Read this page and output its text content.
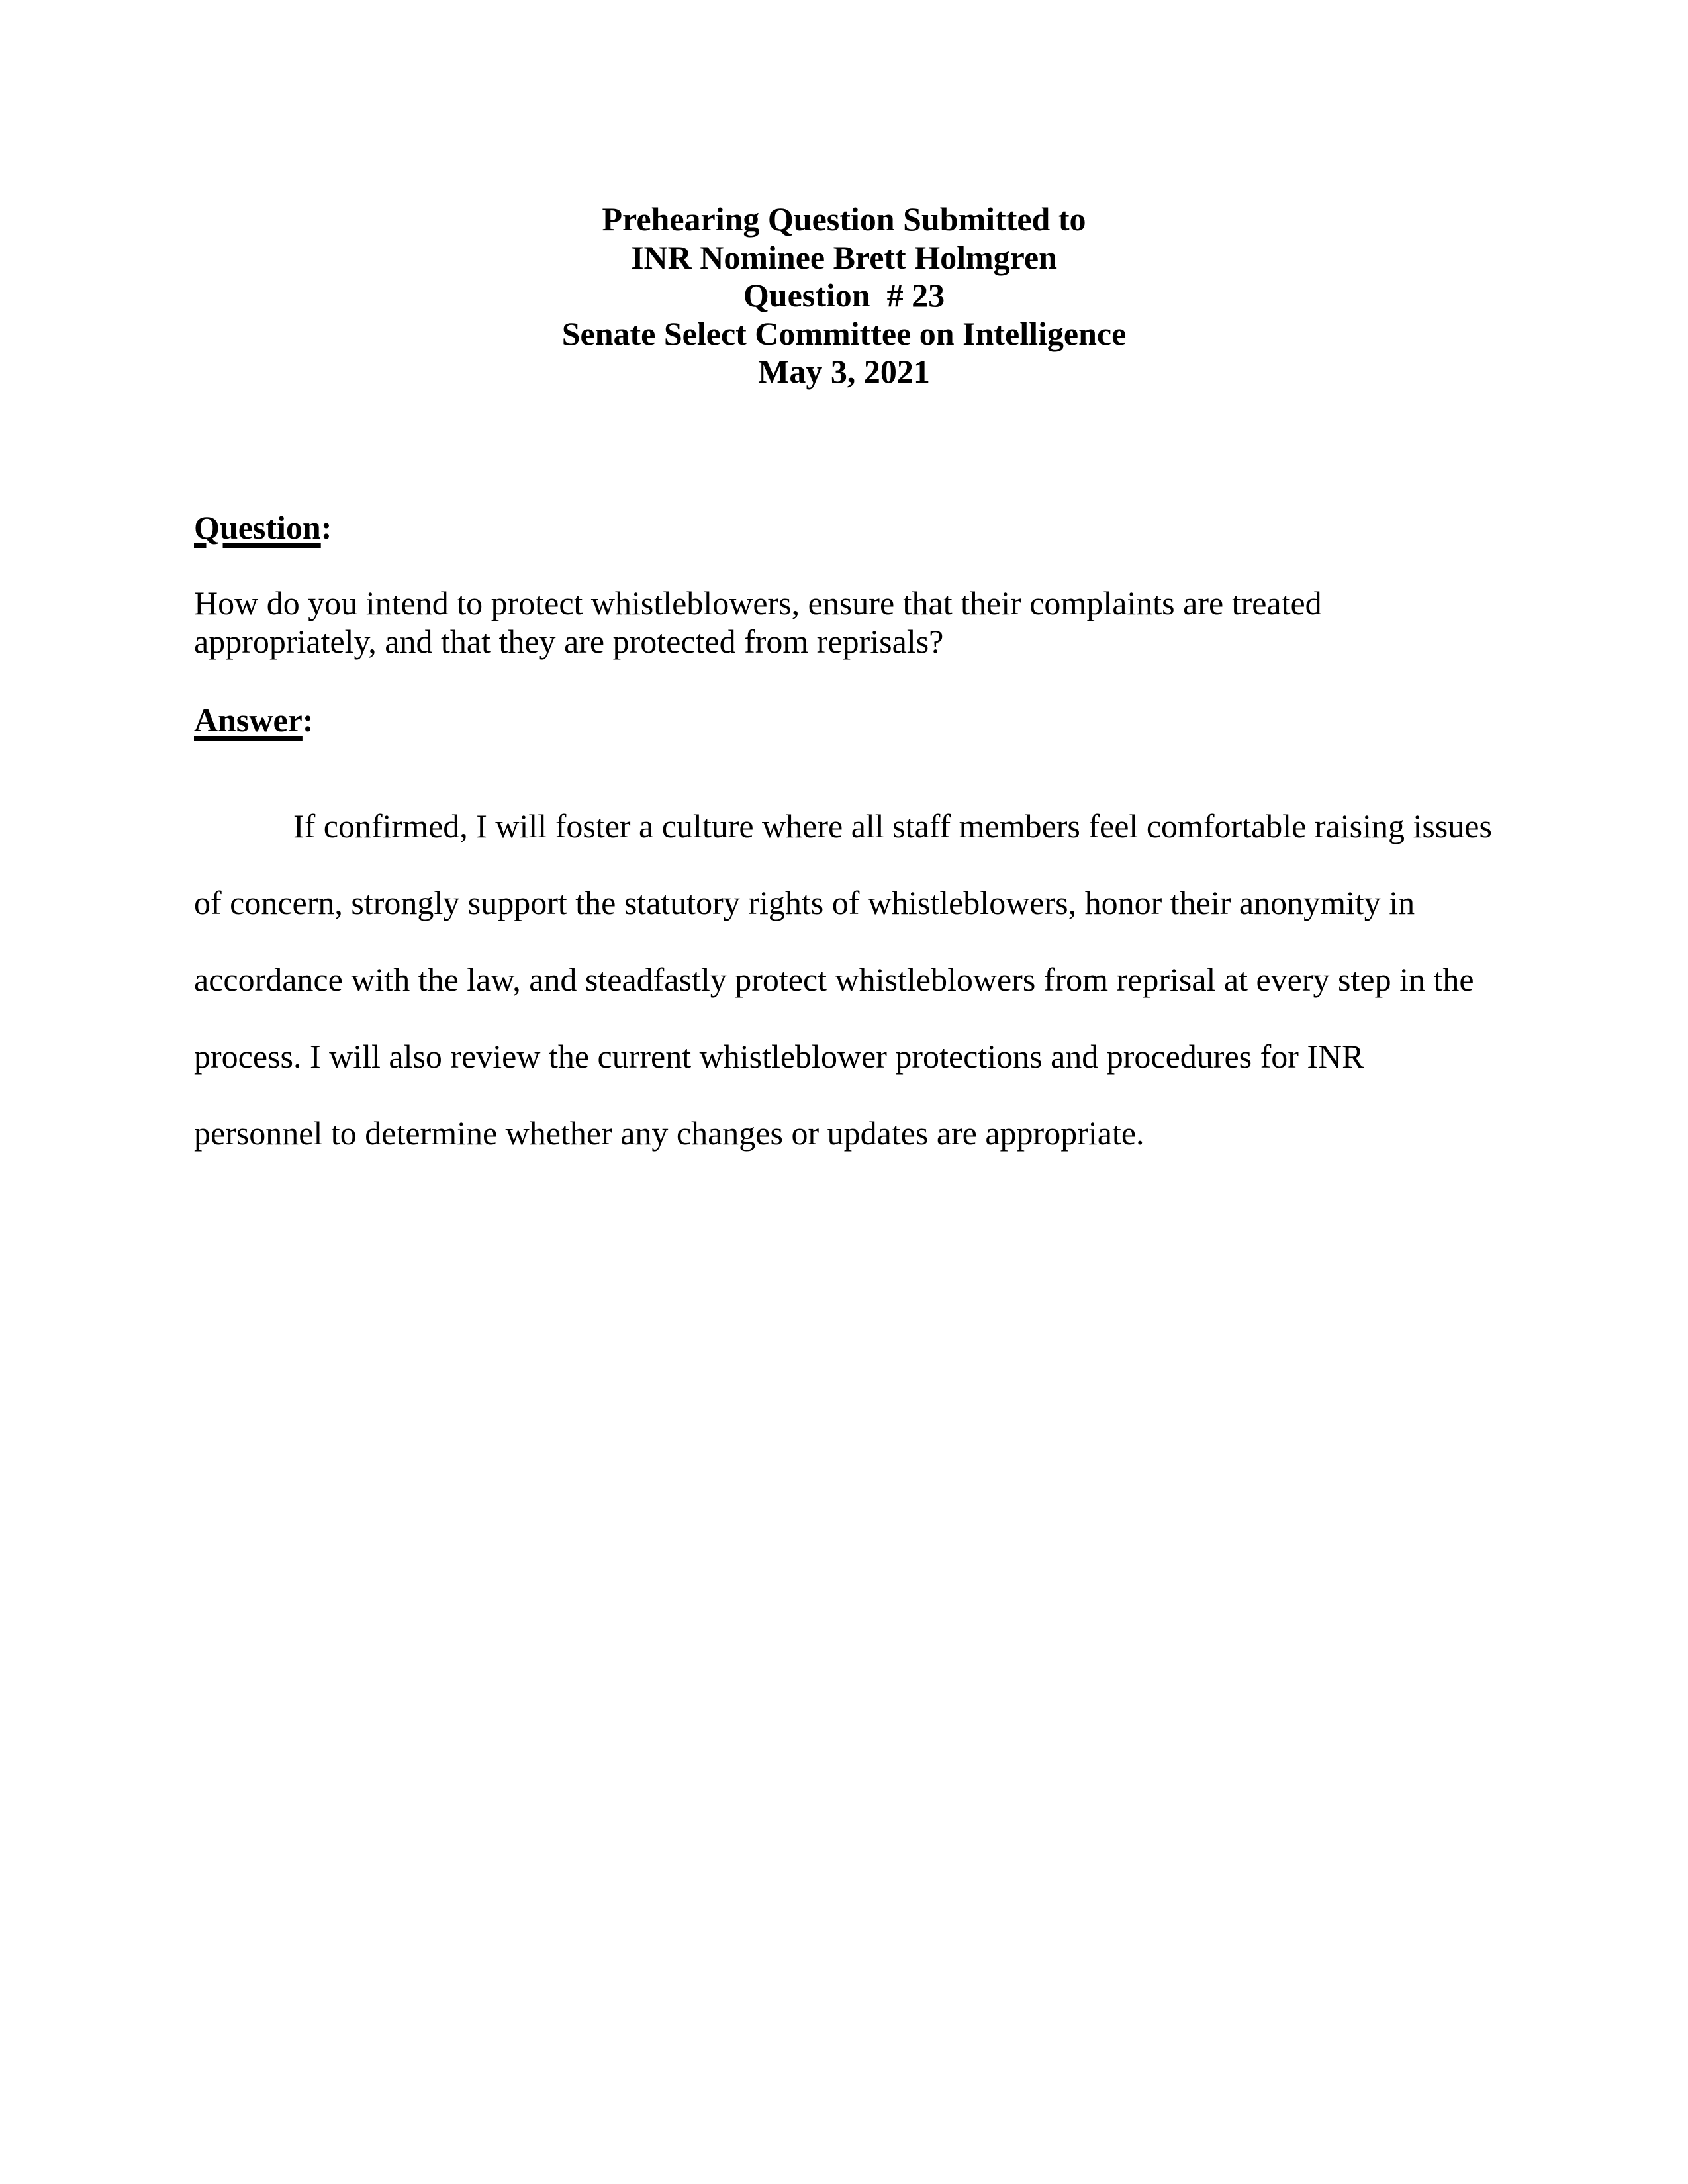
Prehearing Question Submitted to
INR Nominee Brett Holmgren
Question  # 23
Senate Select Committee on Intelligence
May 3, 2021
Question:

How do you intend to protect whistleblowers, ensure that their complaints are treated appropriately, and that they are protected from reprisals?

Answer:

If confirmed, I will foster a culture where all staff members feel comfortable raising issues of concern, strongly support the statutory rights of whistleblowers, honor their anonymity in accordance with the law, and steadfastly protect whistleblowers from reprisal at every step in the process. I will also review the current whistleblower protections and procedures for INR personnel to determine whether any changes or updates are appropriate.
